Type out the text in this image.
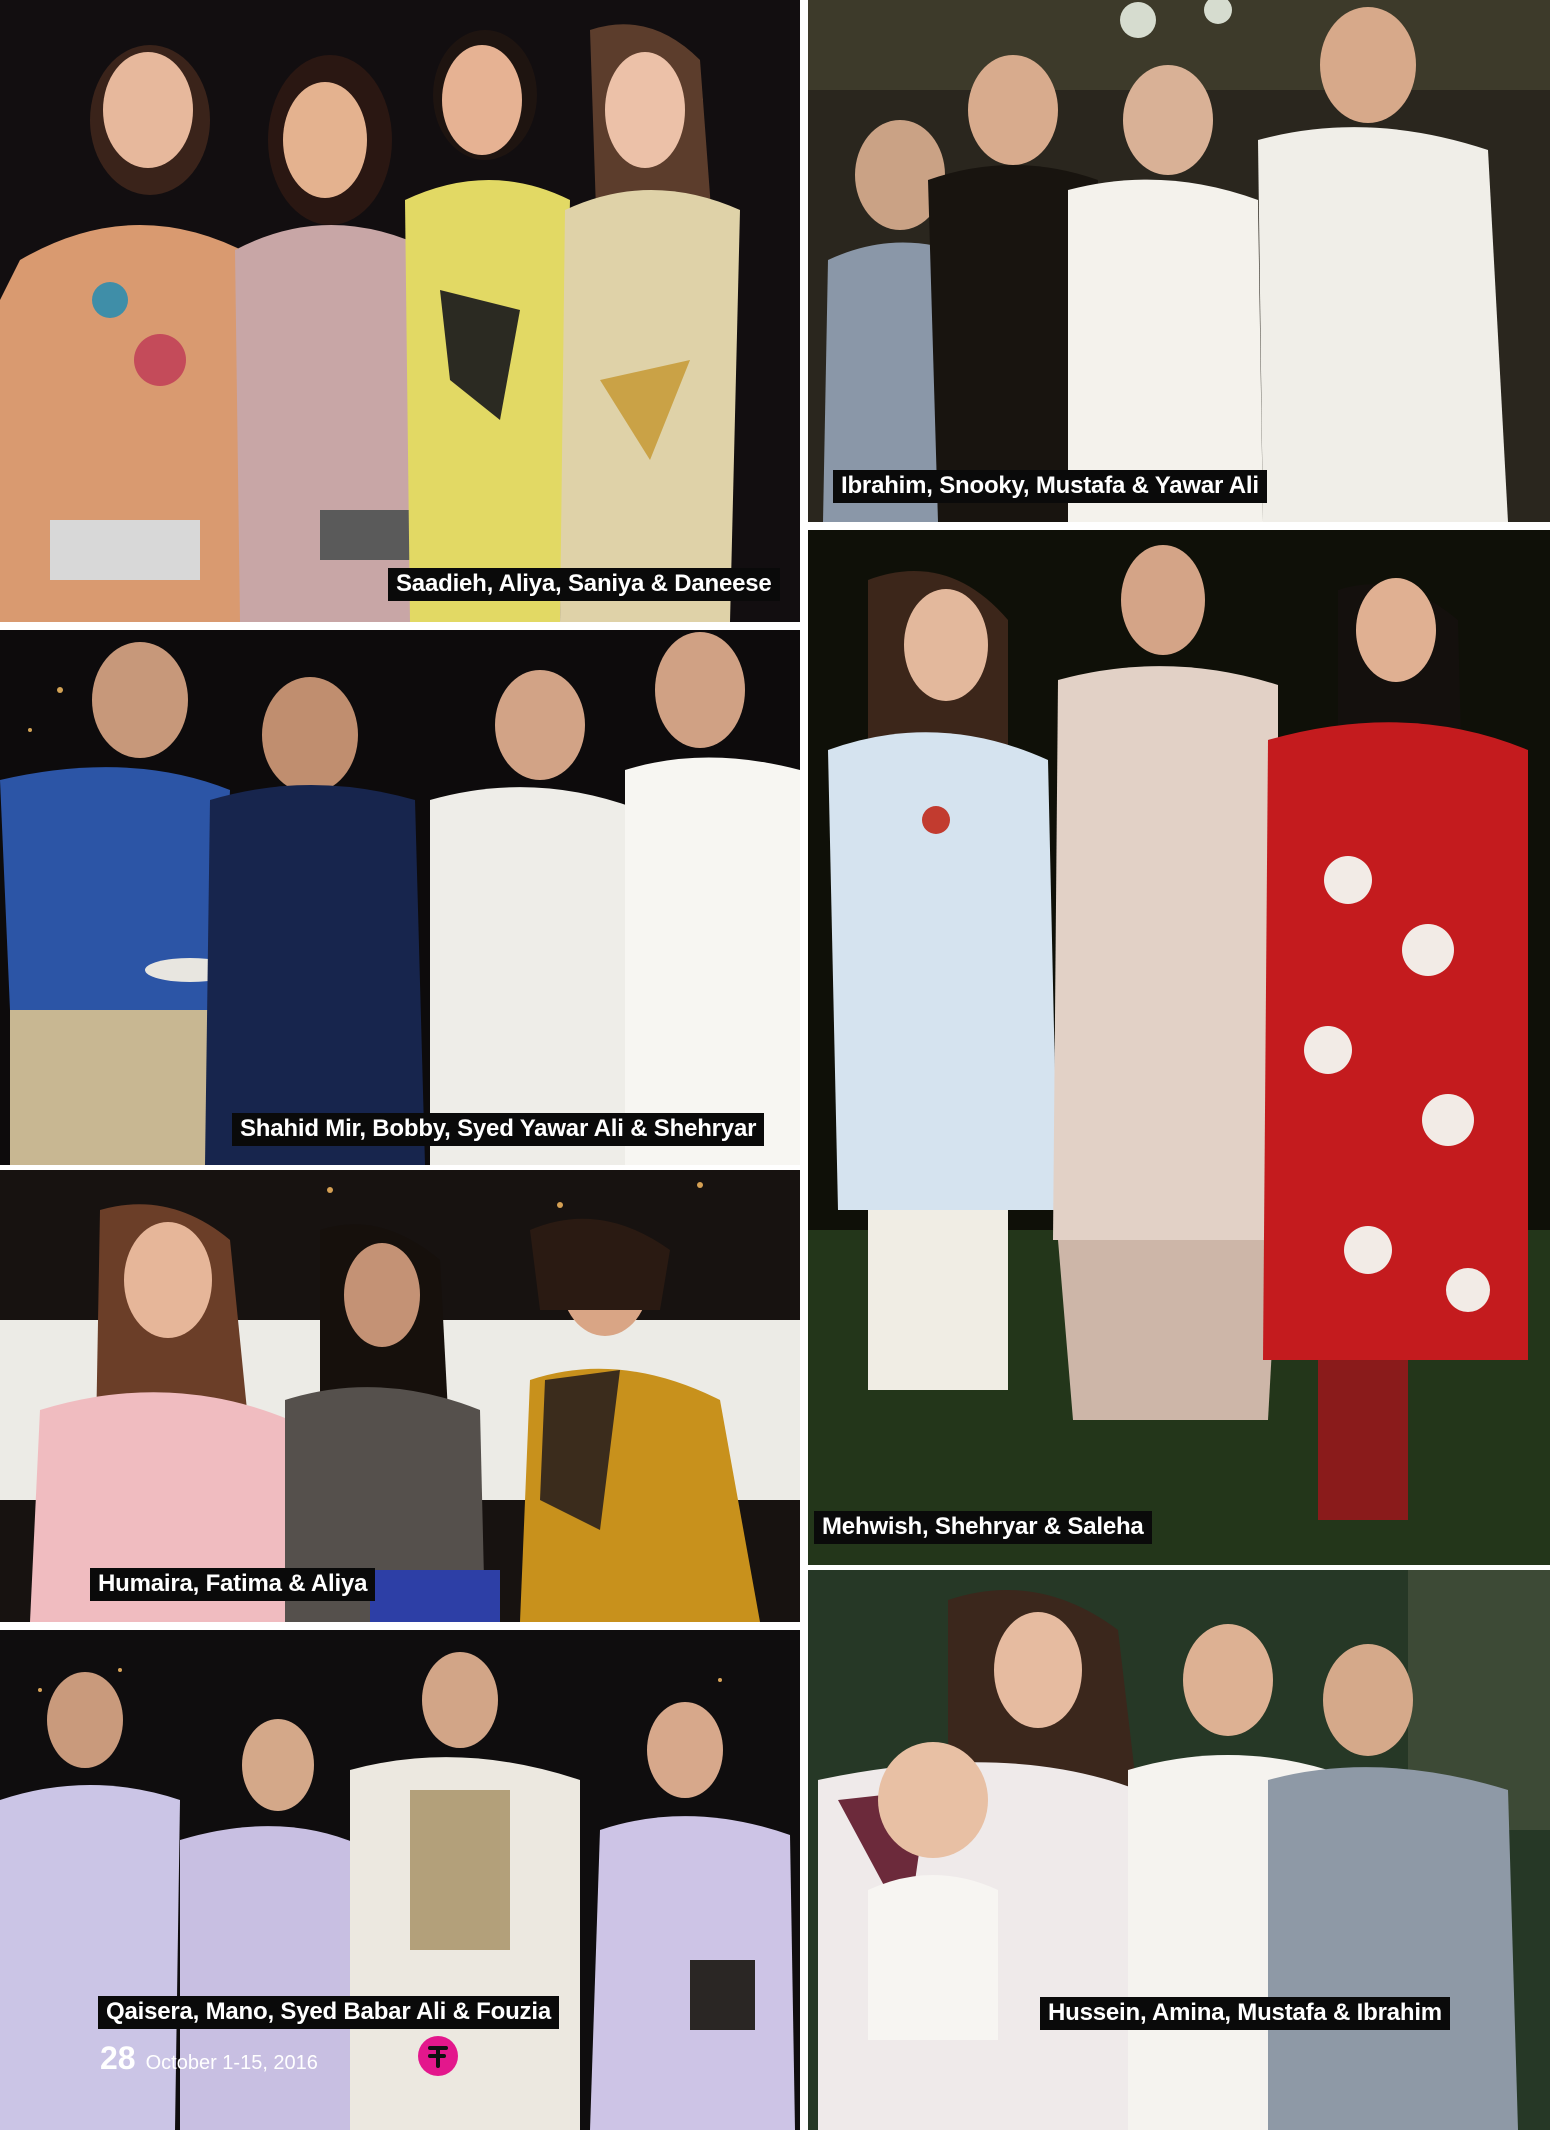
Saadieh, Aliya, Saniya & Daneese
Ibrahim, Snooky, Mustafa & Yawar Ali
Shahid Mir, Bobby, Syed Yawar Ali & Shehryar
Mehwish, Shehryar & Saleha
Humaira, Fatima & Aliya
Qaisera, Mano, Syed Babar Ali & Fouzia	Hussein, Amina, Mustafa & Ibrahim
28 October 1-15, 2016
